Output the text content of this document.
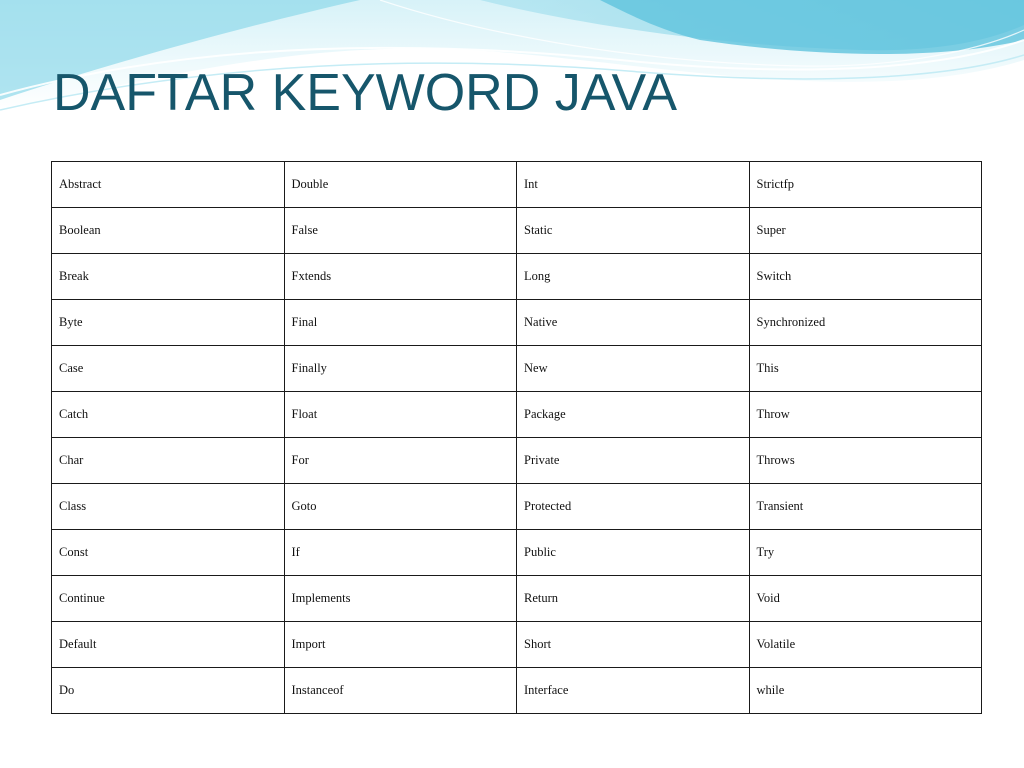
DAFTAR KEYWORD JAVA
Abstract	Double	Int	Strictfp
Boolean	False	Static	Super
Break	Fxtends	Long	Switch
Byte	Final	Native	Synchronized
Case	Finally	New	This
Catch	Float	Package	Throw
Char	For	Private	Throws
Class	Goto	Protected	Transient
Const	If	Public	Try
Continue	Implements	Return	Void
Default	Import	Short	Volatile
Do	Instanceof	Interface	while
